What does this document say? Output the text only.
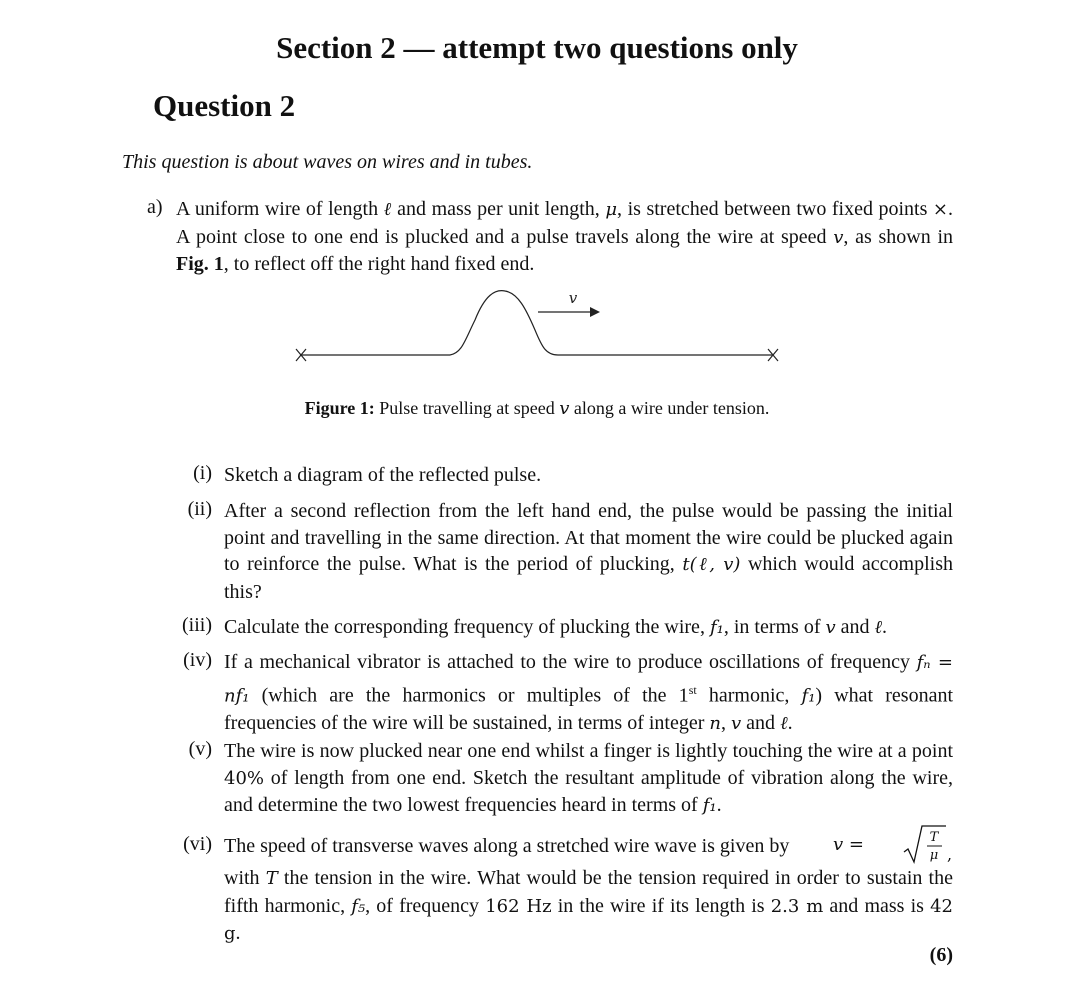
Section 2 — attempt two questions only
Question 2
This question is about waves on wires and in tubes.
a) A uniform wire of length ℓ and mass per unit length, μ, is stretched between two fixed points ×. A point close to one end is plucked and a pulse travels along the wire at speed v, as shown in Fig. 1, to reflect off the right hand fixed end.
v
Figure 1: Pulse travelling at speed v along a wire under tension.
(i) Sketch a diagram of the reflected pulse.
(ii) After a second reflection from the left hand end, the pulse would be passing the initial point and travelling in the same direction. At that moment the wire could be plucked again to reinforce the pulse. What is the period of plucking, t(ℓ, v) which would accomplish this?
(iii) Calculate the corresponding frequency of plucking the wire, f₁, in terms of v and ℓ.
(iv) If a mechanical vibrator is attached to the wire to produce oscillations of frequency fₙ = nf₁ (which are the harmonics or multiples of the 1st harmonic, f₁) what resonant frequencies of the wire will be sustained, in terms of integer n, v and ℓ.
(v) The wire is now plucked near one end whilst a finger is lightly touching the wire at a point 40% of length from one end. Sketch the resultant amplitude of vibration along the wire, and determine the two lowest frequencies heard in terms of f₁.
(vi) The speed of transverse waves along a stretched wire wave is given by	v =	T
μ ,
with T the tension in the wire. What would be the tension required in order to sustain the fifth harmonic, f₅, of frequency 162 Hz in the wire if its length is 2.3 m and mass is 42 g.
(6)
